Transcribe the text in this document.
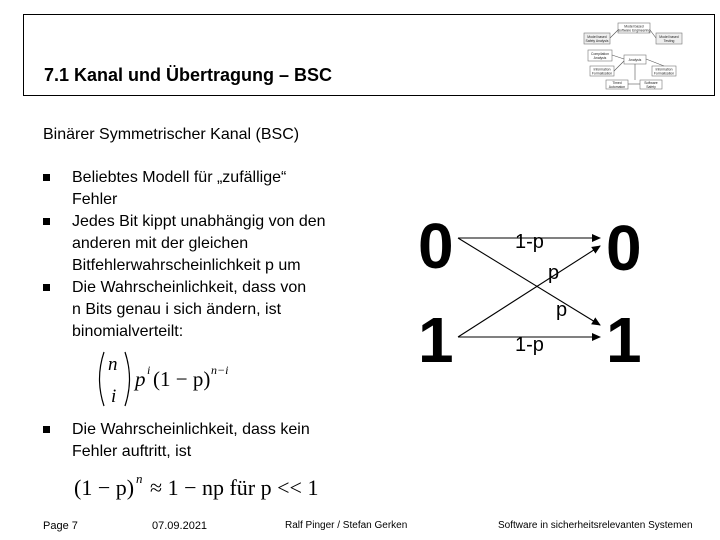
7.1 Kanal und Übertragung – BSC
Model based
Software Engineering
Model based
Safety Analysis
Model based
Testing
Compilation
Analysis	Analysis
Information
Formalisation
Information
Formalisation
Timed
Automaton
Software
Safety
Binärer Symmetrischer Kanal (BSC)
Beliebtes Modell für „zufällige“
Fehler
Jedes Bit kippt unabhängig von den
anderen mit der gleichen
Bitfehlerwahrscheinlichkeit p um
Die Wahrscheinlichkeit, dass von
n Bits genau i sich ändern, ist
binomialverteilt:
n
i
p i (1 − p) n−i
Die Wahrscheinlichkeit, dass kein
Fehler auftritt, ist
(1 − p) n ≈ 1 − np für p << 1
0
1
0
1
1-p
p
p
1-p
Page 7	07.09.2021	Ralf Pinger / Stefan Gerken	Software in sicherheitsrelevanten Systemen
